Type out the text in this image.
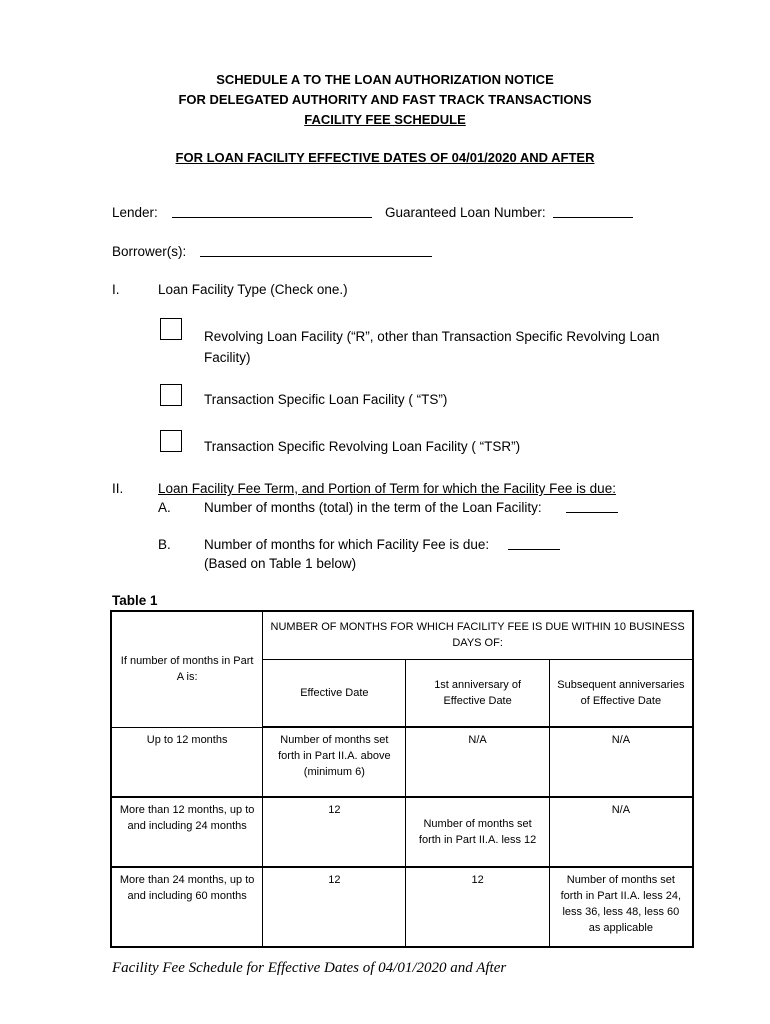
SCHEDULE A TO THE LOAN AUTHORIZATION NOTICE
FOR DELEGATED AUTHORITY AND FAST TRACK TRANSACTIONS
FACILITY FEE SCHEDULE
FOR LOAN FACILITY EFFECTIVE DATES OF 04/01/2020 AND AFTER
Lender:	Guaranteed Loan Number:
Borrower(s):
I.	Loan Facility Type (Check one.)
Revolving Loan Facility (“R”, other than Transaction Specific Revolving Loan Facility)
Transaction Specific Loan Facility ( “TS”)
Transaction Specific Revolving Loan Facility ( “TSR”)
II.	Loan Facility Fee Term, and Portion of Term for which the Facility Fee is due:
A. Number of months (total) in the term of the Loan Facility:
B. Number of months for which Facility Fee is due:
(Based on Table 1 below)
Table 1
If number of months in Part A is:	NUMBER OF MONTHS FOR WHICH FACILITY FEE IS DUE WITHIN 10 BUSINESS DAYS OF:		
	Effective Date	1st anniversary of Effective Date	Subsequent anniversaries of Effective Date
Up to 12 months	Number of months set forth in Part II.A. above (minimum 6)	N/A	N/A
More than 12 months, up to and including 24 months	12	Number of months set forth in Part II.A. less 12	N/A
More than 24 months, up to and including 60 months	12	12	Number of months set forth in Part II.A. less 24, less 36, less 48, less 60 as applicable
Facility Fee Schedule for Effective Dates of 04/01/2020 and After
